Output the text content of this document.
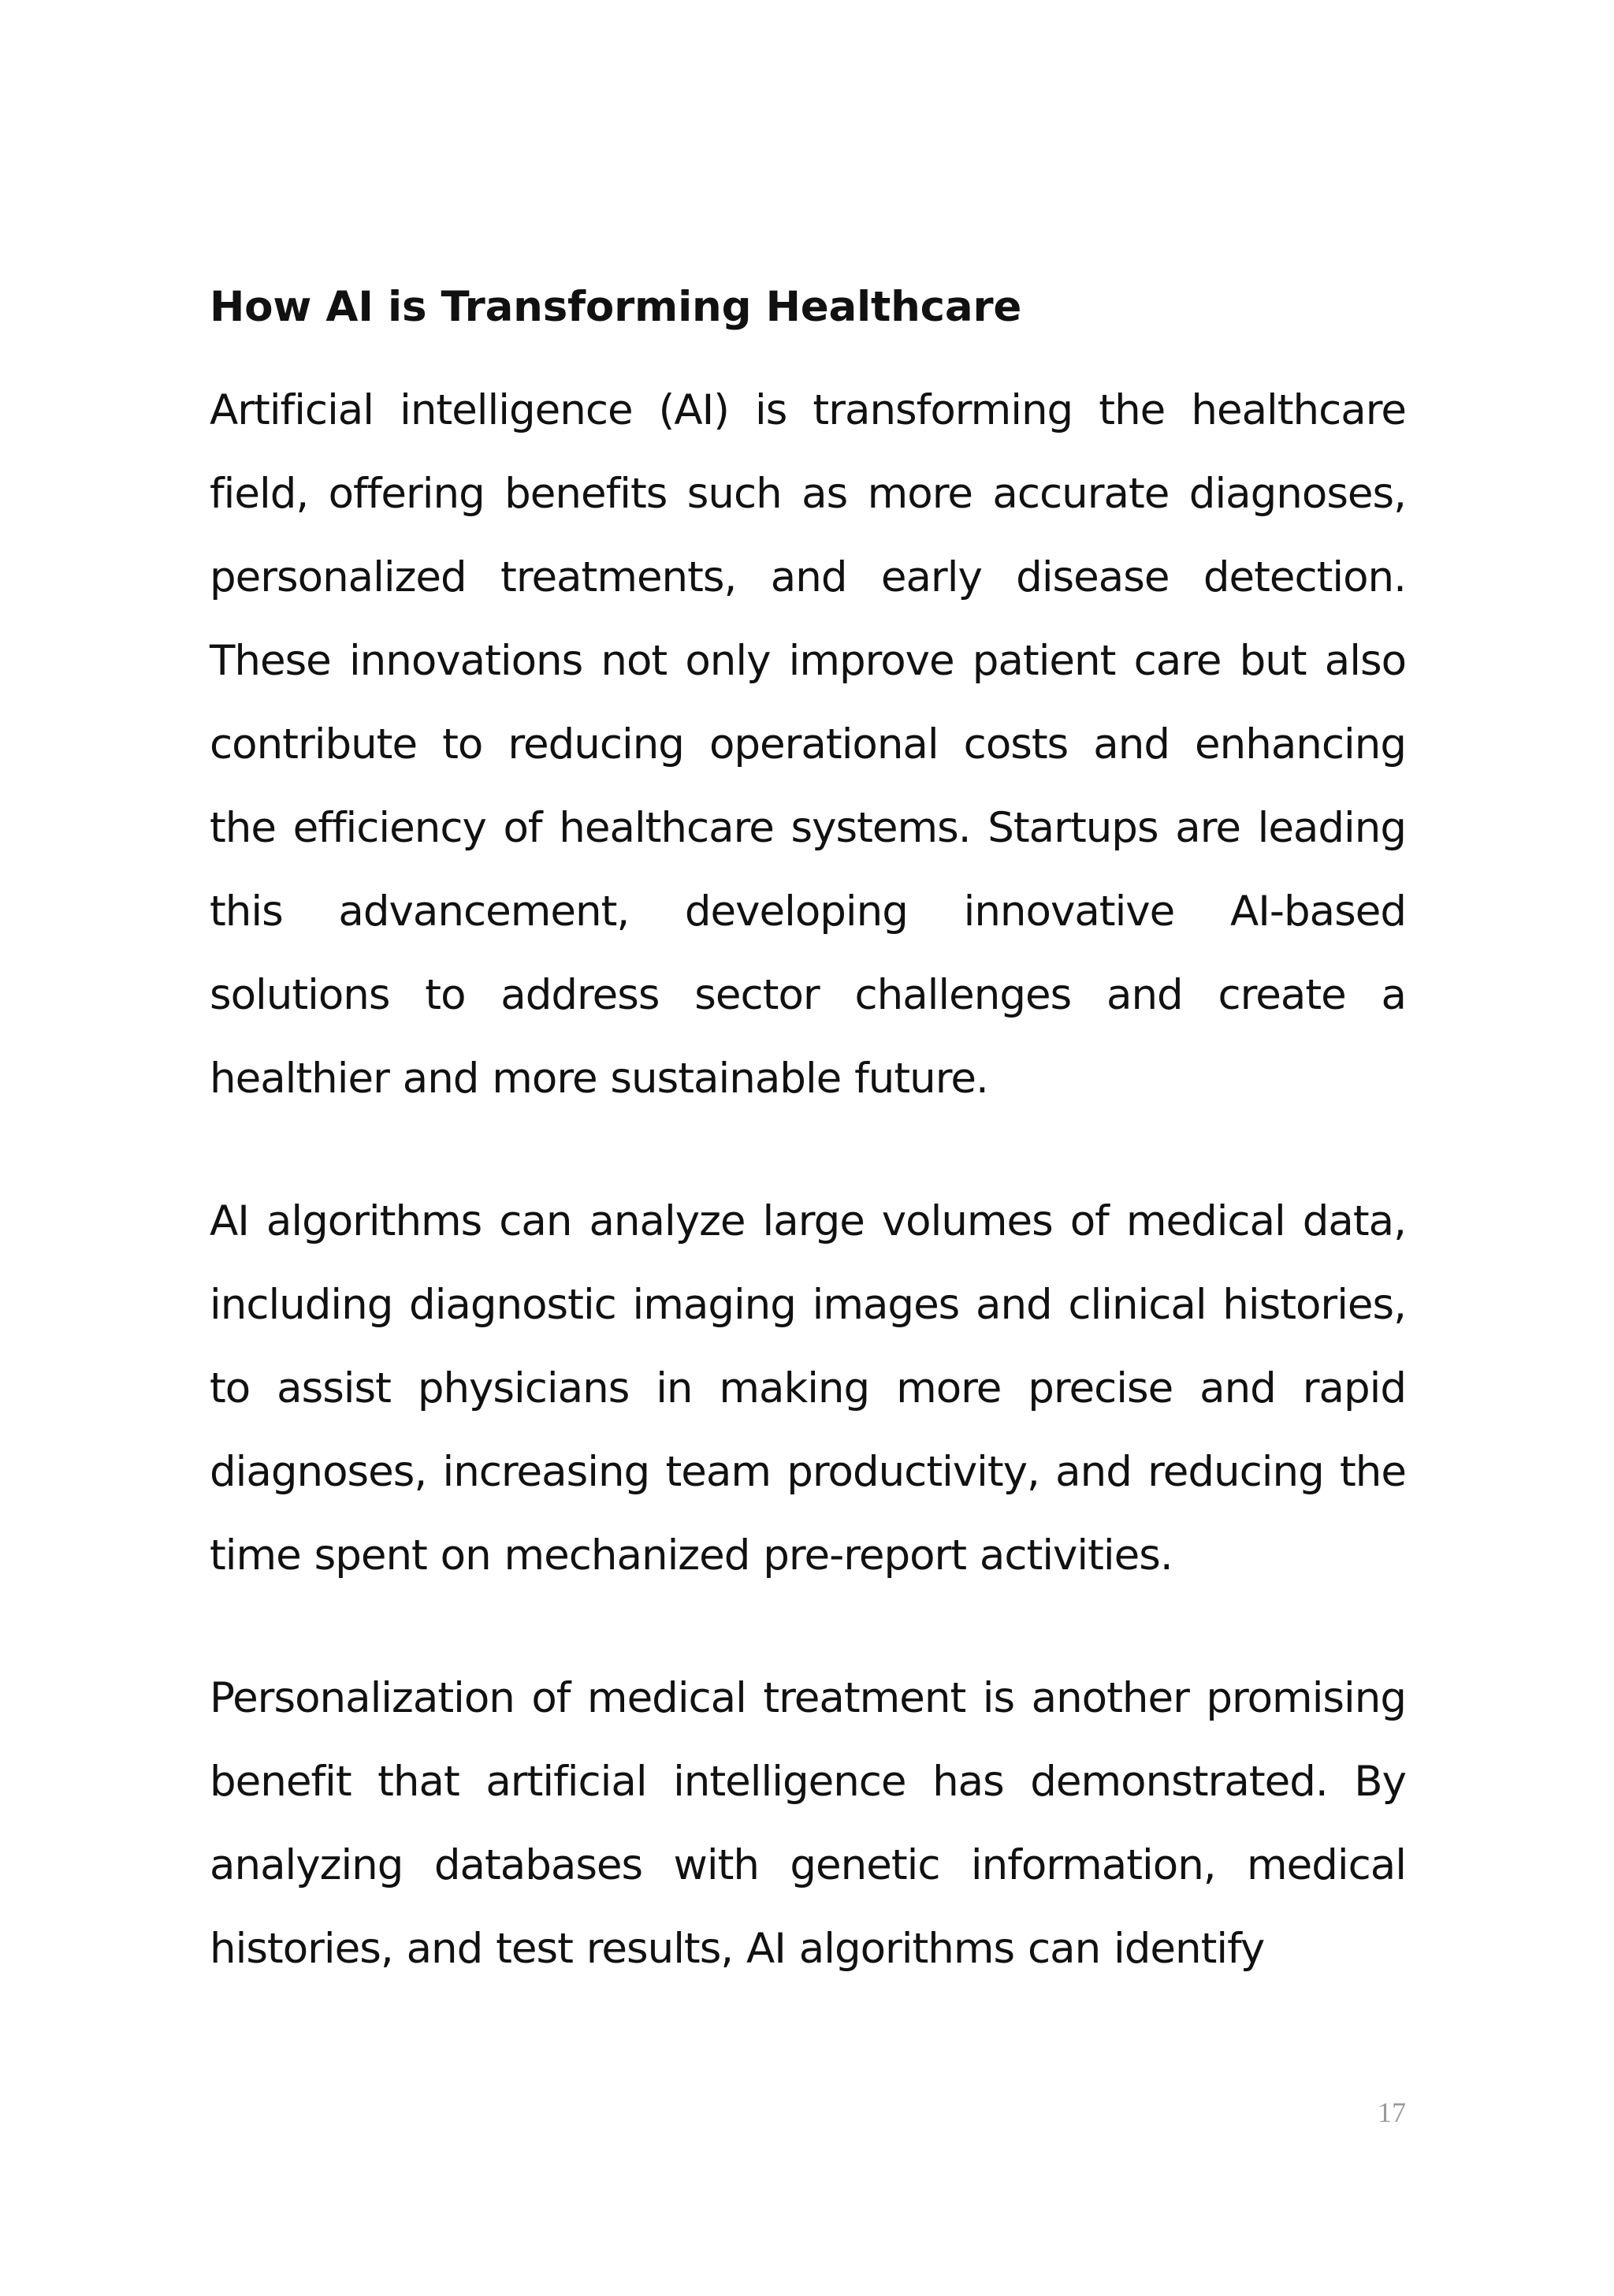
How AI is Transforming Healthcare

Artificial intelligence (AI) is transforming the healthcare field, offering benefits such as more accurate diagnoses, personalized treatments, and early disease detection. These innovations not only improve patient care but also contribute to reducing operational costs and enhancing the efficiency of healthcare systems. Startups are leading this advancement, developing innovative AI-based solutions to address sector challenges and create a healthier and more sustainable future.

AI algorithms can analyze large volumes of medical data, including diagnostic imaging images and clinical histories, to assist physicians in making more precise and rapid diagnoses, increasing team productivity, and reducing the time spent on mechanized pre-report activities.

Personalization of medical treatment is another promising benefit that artificial intelligence has demonstrated. By analyzing databases with genetic information, medical histories, and test results, AI algorithms can identify

17
